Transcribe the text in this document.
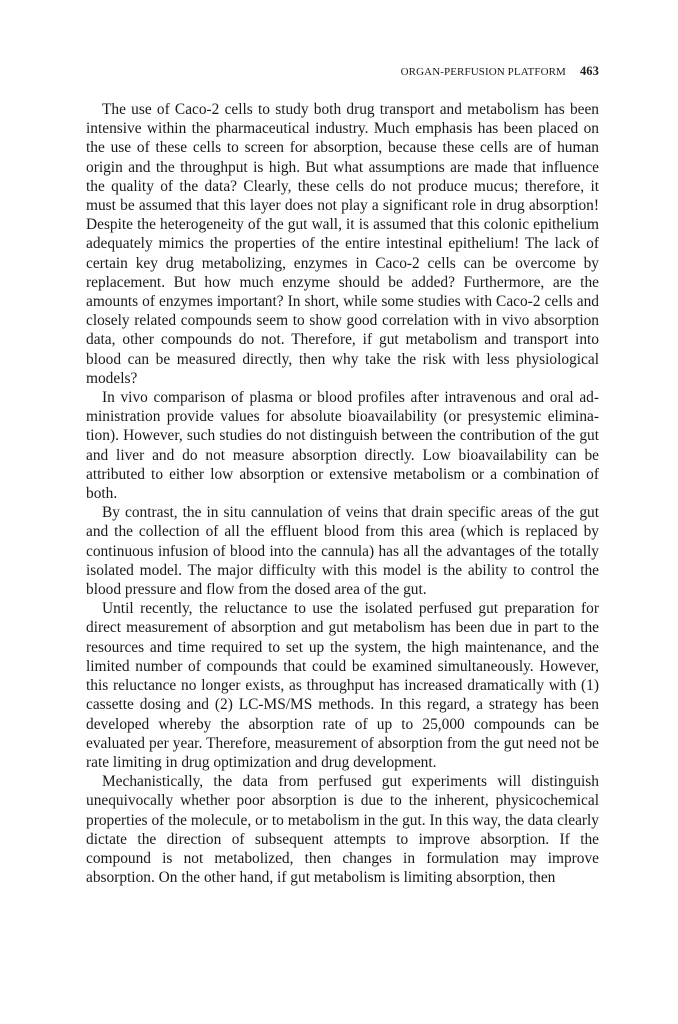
ORGAN-PERFUSION PLATFORM 463

The use of Caco-2 cells to study both drug transport and metabolism has been intensive within the pharmaceutical industry. Much emphasis has been placed on the use of these cells to screen for absorption, because these cells are of human origin and the throughput is high. But what assumptions are made that influence the quality of the data? Clearly, these cells do not produce mucus; therefore, it must be assumed that this layer does not play a significant role in drug absorption! Despite the heterogeneity of the gut wall, it is assumed that this colonic epithelium adequately mimics the properties of the entire intestinal epithelium! The lack of certain key drug metabolizing, enzymes in Caco-2 cells can be overcome by replacement. But how much enzyme should be added? Furthermore, are the amounts of enzymes important? In short, while some studies with Caco-2 cells and closely related compounds seem to show good correlation with in vivo absorption data, other compounds do not. Therefore, if gut metabolism and transport into blood can be measured directly, then why take the risk with less physiological models?

In vivo comparison of plasma or blood profiles after intravenous and oral administration provide values for absolute bioavailability (or presystemic elimination). However, such studies do not distinguish between the contribution of the gut and liver and do not measure absorption directly. Low bioavailability can be attributed to either low absorption or extensive metabolism or a combination of both.

By contrast, the in situ cannulation of veins that drain specific areas of the gut and the collection of all the effluent blood from this area (which is replaced by continuous infusion of blood into the cannula) has all the advantages of the totally isolated model. The major difficulty with this model is the ability to control the blood pressure and flow from the dosed area of the gut.

Until recently, the reluctance to use the isolated perfused gut preparation for direct measurement of absorption and gut metabolism has been due in part to the resources and time required to set up the system, the high maintenance, and the limited number of compounds that could be examined simultaneously. However, this reluctance no longer exists, as throughput has increased dramatically with (1) cassette dosing and (2) LC-MS/MS methods. In this regard, a strategy has been developed whereby the absorption rate of up to 25,000 compounds can be evaluated per year. Therefore, measurement of absorption from the gut need not be rate limiting in drug optimization and drug development.

Mechanistically, the data from perfused gut experiments will distinguish unequivocally whether poor absorption is due to the inherent, physicochemical properties of the molecule, or to metabolism in the gut. In this way, the data clearly dictate the direction of subsequent attempts to improve absorption. If the compound is not metabolized, then changes in formulation may improve absorption. On the other hand, if gut metabolism is limiting absorption, then
